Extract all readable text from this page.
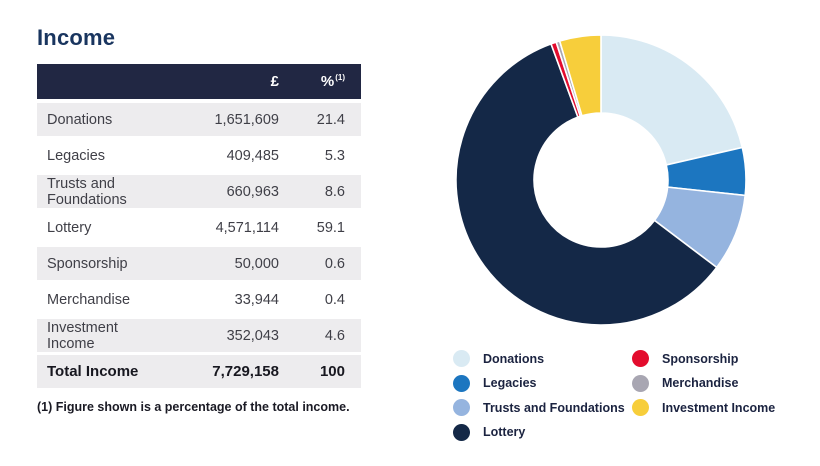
Income
£	%$^{(1)}$
Donations	1,651,609	21.4
Legacies	409,485	5.3
Trusts and Foundations	660,963	8.6
Lottery	4,571,114	59.1
Sponsorship	50,000	0.6
Merchandise	33,944	0.4
Investment Income	352,043	4.6
Total Income	7,729,158	100
(1) Figure shown is a percentage of the total income.
Donations
Legacies
Trusts and Foundations
Lottery
Sponsorship
Merchandise
Investment Income
